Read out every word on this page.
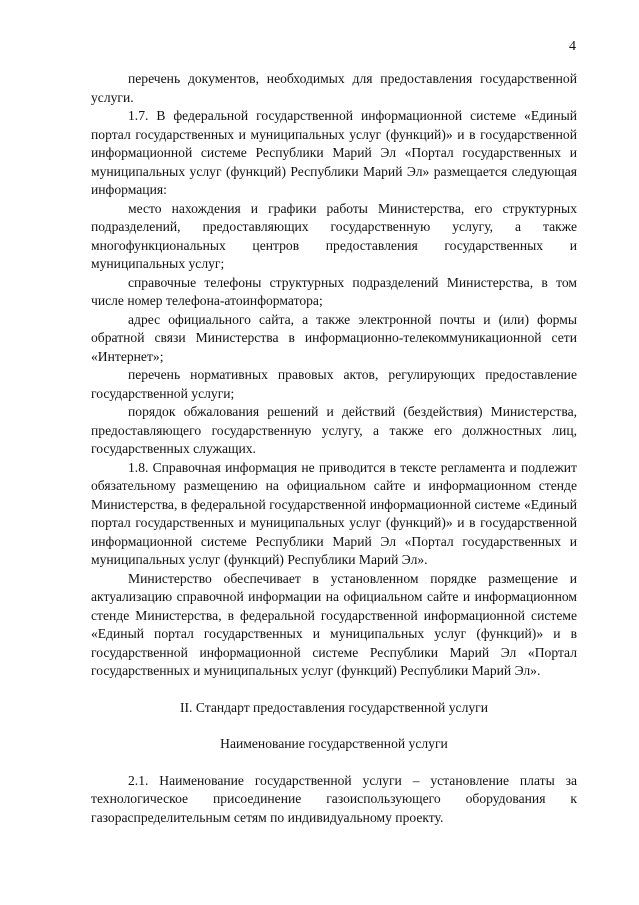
4

перечень документов, необходимых для предоставления государственной услуги.

1.7. В федеральной государственной информационной системе «Единый портал государственных и муниципальных услуг (функций)» и в государственной информационной системе Республики Марий Эл «Портал государственных и муниципальных услуг (функций) Республики Марий Эл» размещается следующая информация:

место нахождения и графики работы Министерства, его структурных подразделений, предоставляющих государственную услугу, а также многофункциональных центров предоставления государственных и муниципальных услуг;

справочные телефоны структурных подразделений Министерства, в том числе номер телефона-атоинформатора;

адрес официального сайта, а также электронной почты и (или) формы обратной связи Министерства в информационно-телекоммуникационной сети «Интернет»;

перечень нормативных правовых актов, регулирующих предоставление государственной услуги;

порядок обжалования решений и действий (бездействия) Министерства, предоставляющего государственную услугу, а также его должностных лиц, государственных служащих.

1.8. Справочная информация не приводится в тексте регламента и подлежит обязательному размещению на официальном сайте и информационном стенде Министерства, в федеральной государственной информационной системе «Единый портал государственных и муниципальных услуг (функций)» и в государственной информационной системе Республики Марий Эл «Портал государственных и муниципальных услуг (функций) Республики Марий Эл».

Министерство обеспечивает в установленном порядке размещение и актуализацию справочной информации на официальном сайте и информационном стенде Министерства, в федеральной государственной информационной системе «Единый портал государственных и муниципальных услуг (функций)» и в государственной информационной системе Республики Марий Эл «Портал государственных и муниципальных услуг (функций) Республики Марий Эл».

II. Стандарт предоставления государственной услуги

Наименование государственной услуги

2.1. Наименование государственной услуги – установление платы за технологическое присоединение газоиспользующего оборудования к газораспределительным сетям по индивидуальному проекту.
